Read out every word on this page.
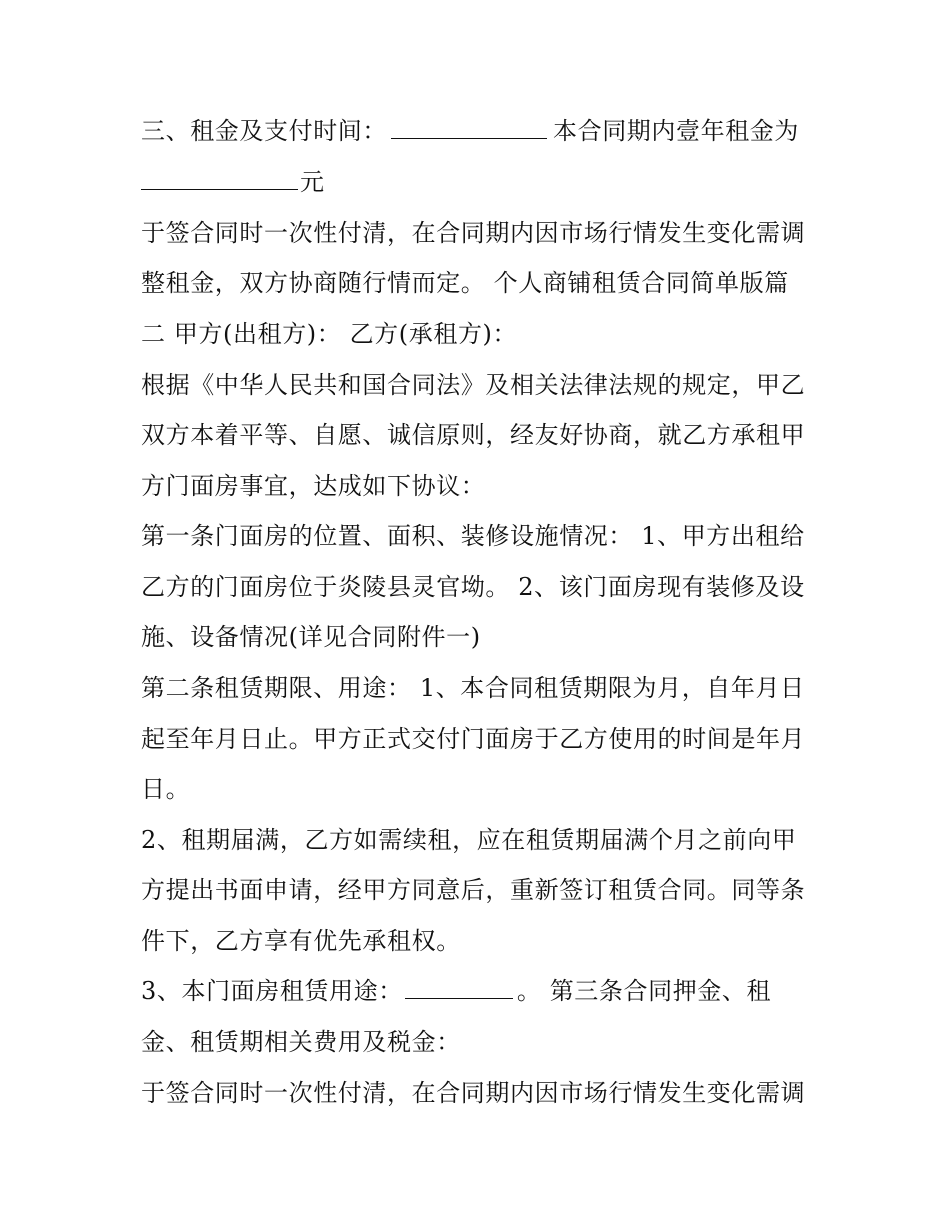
三、租金及支付时间：	本合同期内壹年租金为
元
于签合同时一次性付清，在合同期内因市场行情发生变化需调
整租金，双方协商随行情而定。 个人商铺租赁合同简单版篇
二 甲方(出租方)： 乙方(承租方)：
根据《中华人民共和国合同法》及相关法律法规的规定，甲乙
双方本着平等、自愿、诚信原则，经友好协商，就乙方承租甲
方门面房事宜，达成如下协议：
第一条门面房的位置、面积、装修设施情况： 1、甲方出租给
乙方的门面房位于炎陵县灵官坳。 2、该门面房现有装修及设
施、设备情况(详见合同附件一)
第二条租赁期限、用途： 1、本合同租赁期限为月，自年月日
起至年月日止。甲方正式交付门面房于乙方使用的时间是年月
日。
2、租期届满，乙方如需续租，应在租赁期届满个月之前向甲
方提出书面申请，经甲方同意后，重新签订租赁合同。同等条
件下，乙方享有优先承租权。
3、本门面房租赁用途：	。 第三条合同押金、租
金、租赁期相关费用及税金：
于签合同时一次性付清，在合同期内因市场行情发生变化需调
